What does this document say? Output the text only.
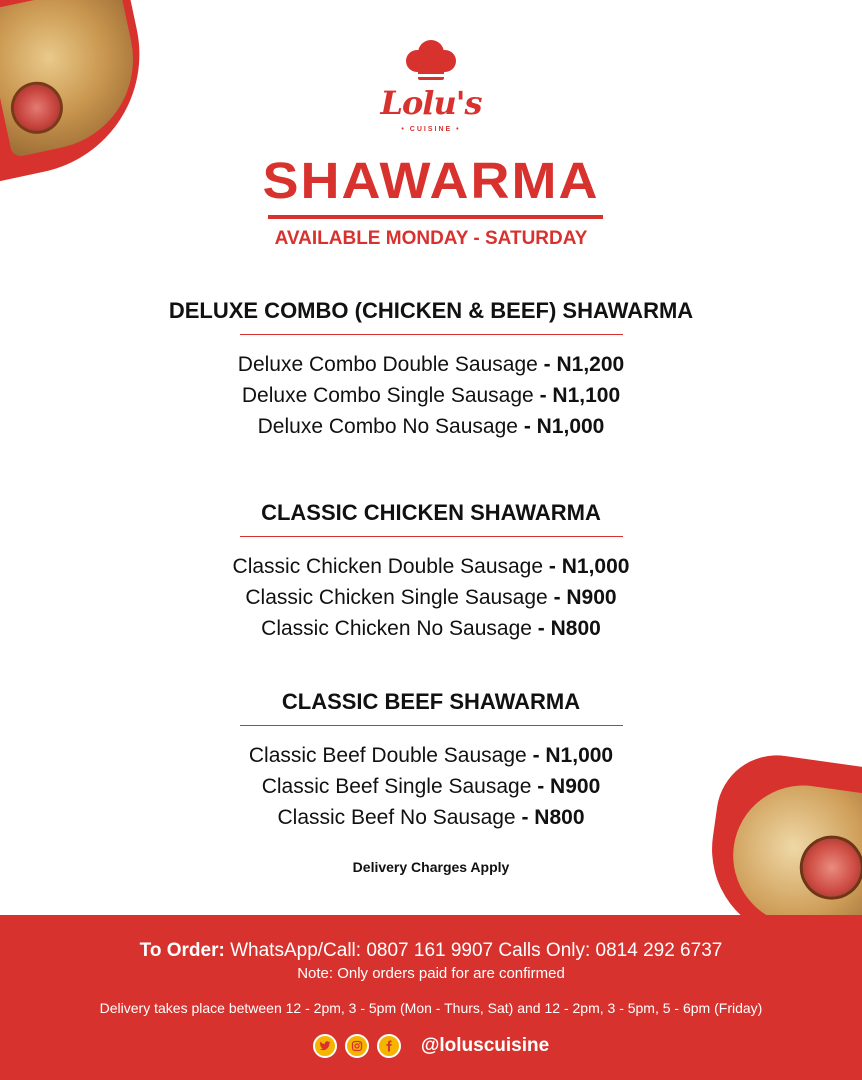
Lolu's
• CUISINE •
SHAWARMA
AVAILABLE MONDAY - SATURDAY
DELUXE COMBO (CHICKEN & BEEF) SHAWARMA
Deluxe Combo Double Sausage - N1,200
Deluxe Combo Single Sausage - N1,100
Deluxe Combo No Sausage - N1,000
CLASSIC CHICKEN SHAWARMA
Classic Chicken Double Sausage - N1,000
Classic Chicken Single Sausage - N900
Classic Chicken No Sausage - N800
CLASSIC BEEF SHAWARMA
Classic Beef Double Sausage - N1,000
Classic Beef Single Sausage - N900
Classic Beef No Sausage - N800
Delivery Charges Apply
To Order: WhatsApp/Call: 0807 161 9907 Calls Only: 0814 292 6737
Note: Only orders paid for are confirmed
Delivery takes place between 12 - 2pm, 3 - 5pm (Mon - Thurs, Sat) and 12 - 2pm, 3 - 5pm, 5 - 6pm (Friday)
@loluscuisine
